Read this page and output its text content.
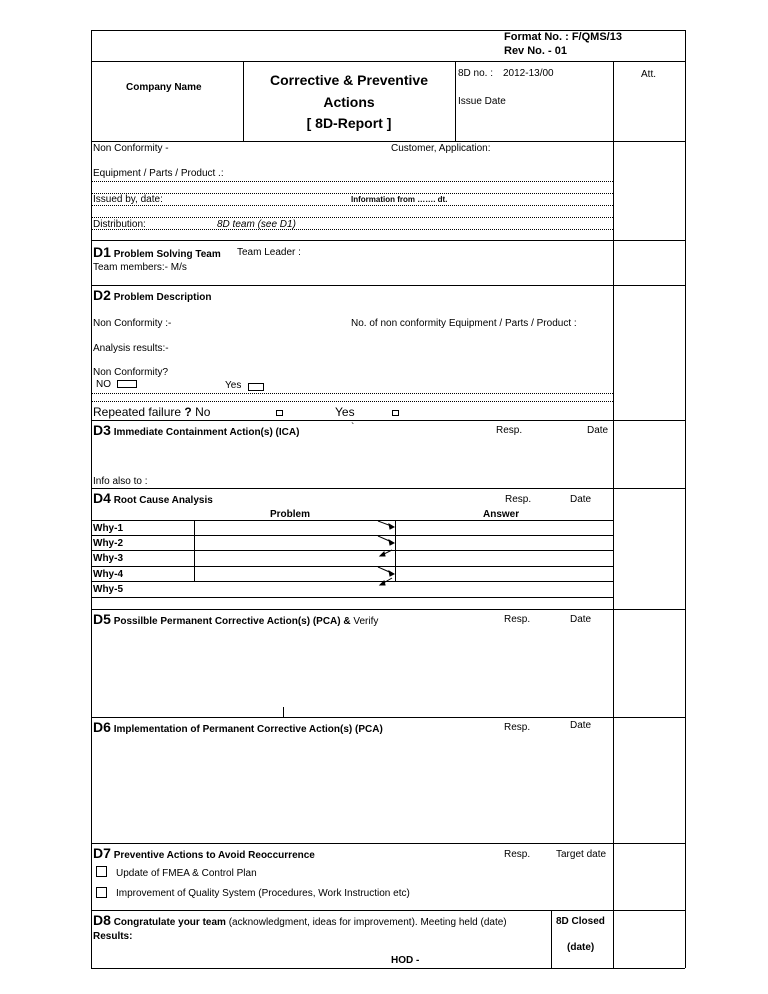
Format No. : F/QMS/13
Rev No. - 01
Company Name	Corrective & Preventive
Actions
[ 8D-Report ]
8D no. : 2012-13/00
Issue Date
Att.
Non Conformity -	Customer, Application:
Equipment / Parts / Product .:
Issued by, date:	Information from ……. dt.
Distribution:	8D team (see D1)
D1 Problem Solving Team Team Leader :
Team members:- M/s
D2 Problem Description
Non Conformity :-	No. of non conformity Equipment / Parts / Product :
Analysis results:-
Non Conformity?
NO	Yes
Repeated failure ? No	Yes
D3 Immediate Containment Action(s) (ICA)	`	Resp.	Date
Info also to :
D4 Root Cause Analysis	Resp.	Date
Problem	Answer
Why-1
Why-2
Why-3
Why-4
Why-5
D5 Possilble Permanent Corrective Action(s) (PCA) & Verify	Resp.	Date
D6 Implementation of Permanent Corrective Action(s) (PCA)	Resp.	Date
D7 Preventive Actions to Avoid Reoccurrence	Resp.	Target date
Update of FMEA & Control Plan
Improvement of Quality System (Procedures, Work Instruction etc)
D8 Congratulate your team (acknowledgment, ideas for improvement). Meeting held (date)
Results:
8D Closed
(date)
HOD -
